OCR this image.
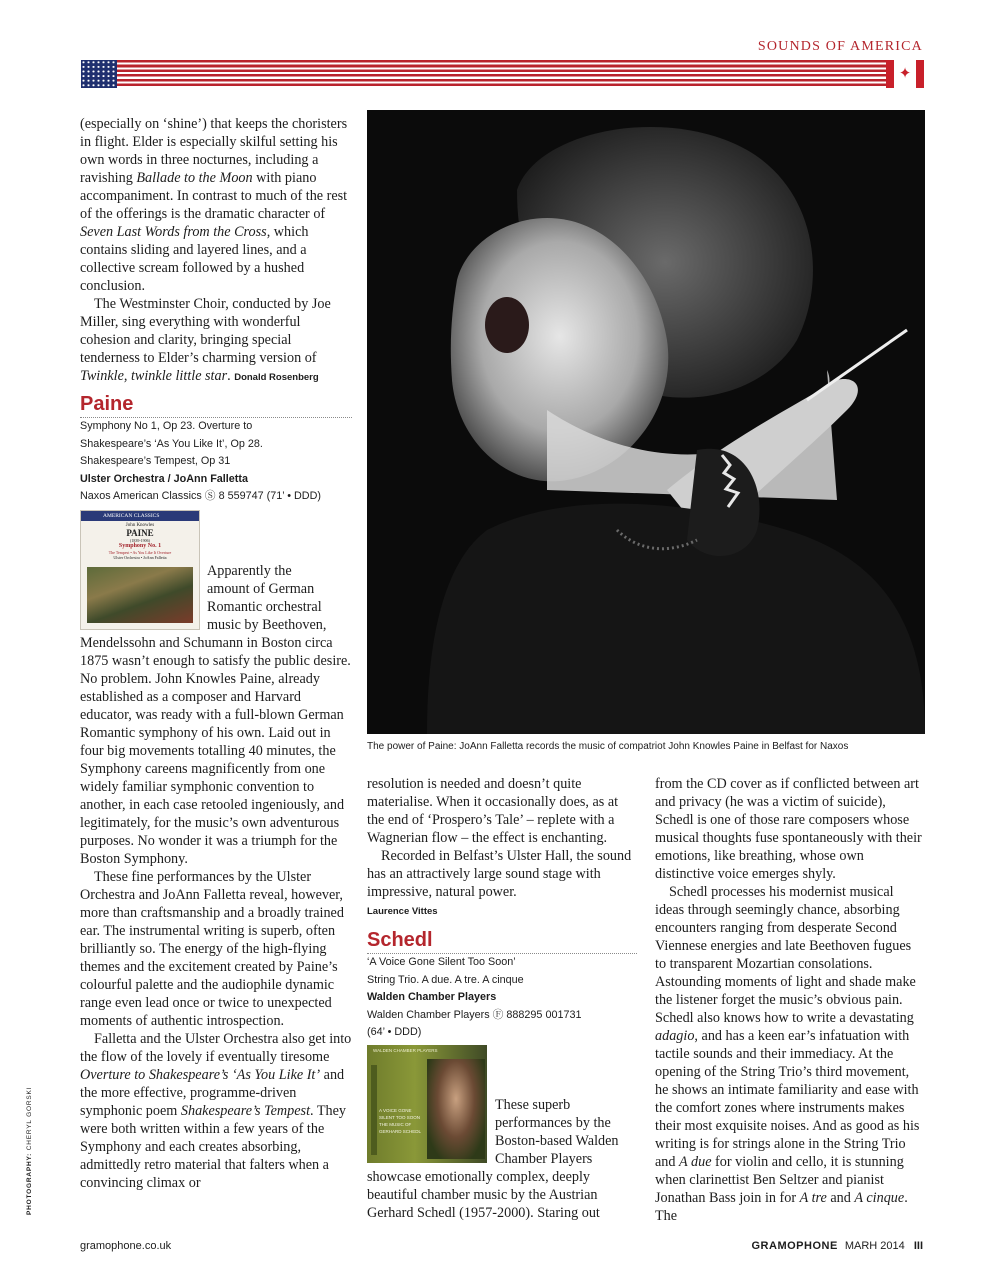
SOUNDS OF AMERICA
✦

(especially on ‘shine’) that keeps the choristers in flight. Elder is especially skilful setting his own words in three nocturnes, including a ravishing Ballade to the Moon with piano accompaniment. In contrast to much of the rest of the offerings is the dramatic character of Seven Last Words from the Cross, which contains sliding and layered lines, and a collective scream followed by a hushed conclusion.

The Westminster Choir, conducted by Joe Miller, sing everything with wonderful cohesion and clarity, bringing special tenderness to Elder’s charming version of Twinkle, twinkle little star. Donald Rosenberg

Paine
Symphony No 1, Op 23. Overture to
Shakespeare’s ‘As You Like It’, Op 28.
Shakespeare’s Tempest, Op 31
Ulster Orchestra / JoAnn Falletta
Naxos American Classics Ⓢ 8 559747 (71’ • DDD)
AMERICAN CLASSICS
John Knowles
PAINE
(1839-1906)
Symphony No. 1
The Tempest • As You Like It Overture
Ulster Orchestra • JoAnn Falletta
Apparently the
amount of German
Romantic orchestral
music by Beethoven,

Mendelssohn and Schumann in Boston circa 1875 wasn’t enough to satisfy the public desire. No problem. John Knowles Paine, already established as a composer and Harvard educator, was ready with a full-blown German Romantic symphony of his own. Laid out in four big movements totalling 40 minutes, the Symphony careens magnificently from one widely familiar symphonic convention to another, in each case retooled ingeniously, and legitimately, for the music’s own adventurous purposes. No wonder it was a triumph for the Boston Symphony.

These fine performances by the Ulster Orchestra and JoAnn Falletta reveal, however, more than craftsmanship and a broadly trained ear. The instrumental writing is superb, often brilliantly so. The energy of the high-flying themes and the excitement created by Paine’s colourful palette and the audiophile dynamic range even lead once or twice to unexpected moments of authentic introspection.

Falletta and the Ulster Orchestra also get into the flow of the lovely if eventually tiresome Overture to Shakespeare’s ‘As You Like It’ and the more effective, programme-driven symphonic poem Shakespeare’s Tempest. They were both written within a few years of the Symphony and each creates absorbing, admittedly retro material that falters when a convincing climax or

PHOTOGRAPHY: CHERYL GORSKI
The power of Paine: JoAnn Falletta records the music of compatriot John Knowles Paine in Belfast for Naxos

resolution is needed and doesn’t quite materialise. When it occasionally does, as at the end of ‘Prospero’s Tale’ – replete with a Wagnerian flow – the effect is enchanting.

Recorded in Belfast’s Ulster Hall, the sound has an attractively large sound stage with impressive, natural power.

Laurence Vittes
Schedl
‘A Voice Gone Silent Too Soon’
String Trio. A due. A tre. A cinque
Walden Chamber Players
Walden Chamber Players Ⓕ 888295 001731
(64’ • DDD)
WALDEN CHAMBER PLAYERS
A VOICE GONE
SILENT TOO SOON
THE MUSIC OF
GERHARD SCHEDL
These superb
performances by the
Boston-based Walden
Chamber Players

showcase emotionally complex, deeply beautiful chamber music by the Austrian Gerhard Schedl (1957-2000). Staring out

from the CD cover as if conflicted between art and privacy (he was a victim of suicide), Schedl is one of those rare composers whose musical thoughts fuse spontaneously with their emotions, like breathing, whose own distinctive voice emerges shyly.

Schedl processes his modernist musical ideas through seemingly chance, absorbing encounters ranging from desperate Second Viennese energies and late Beethoven fugues to transparent Mozartian consolations. Astounding moments of light and shade make the listener forget the music’s obvious pain. Schedl also knows how to write a devastating adagio, and has a keen ear’s infatuation with tactile sounds and their immediacy. At the opening of the String Trio’s third movement, he shows an intimate familiarity and ease with the comfort zones where instruments makes their most exquisite noises. And as good as his writing is for strings alone in the String Trio and A due for violin and cello, it is stunning when clarinettist Ben Seltzer and pianist Jonathan Bass join in for A tre and A cinque. The

gramophone.co.uk	GRAMOPHONE MARH 2014 III
